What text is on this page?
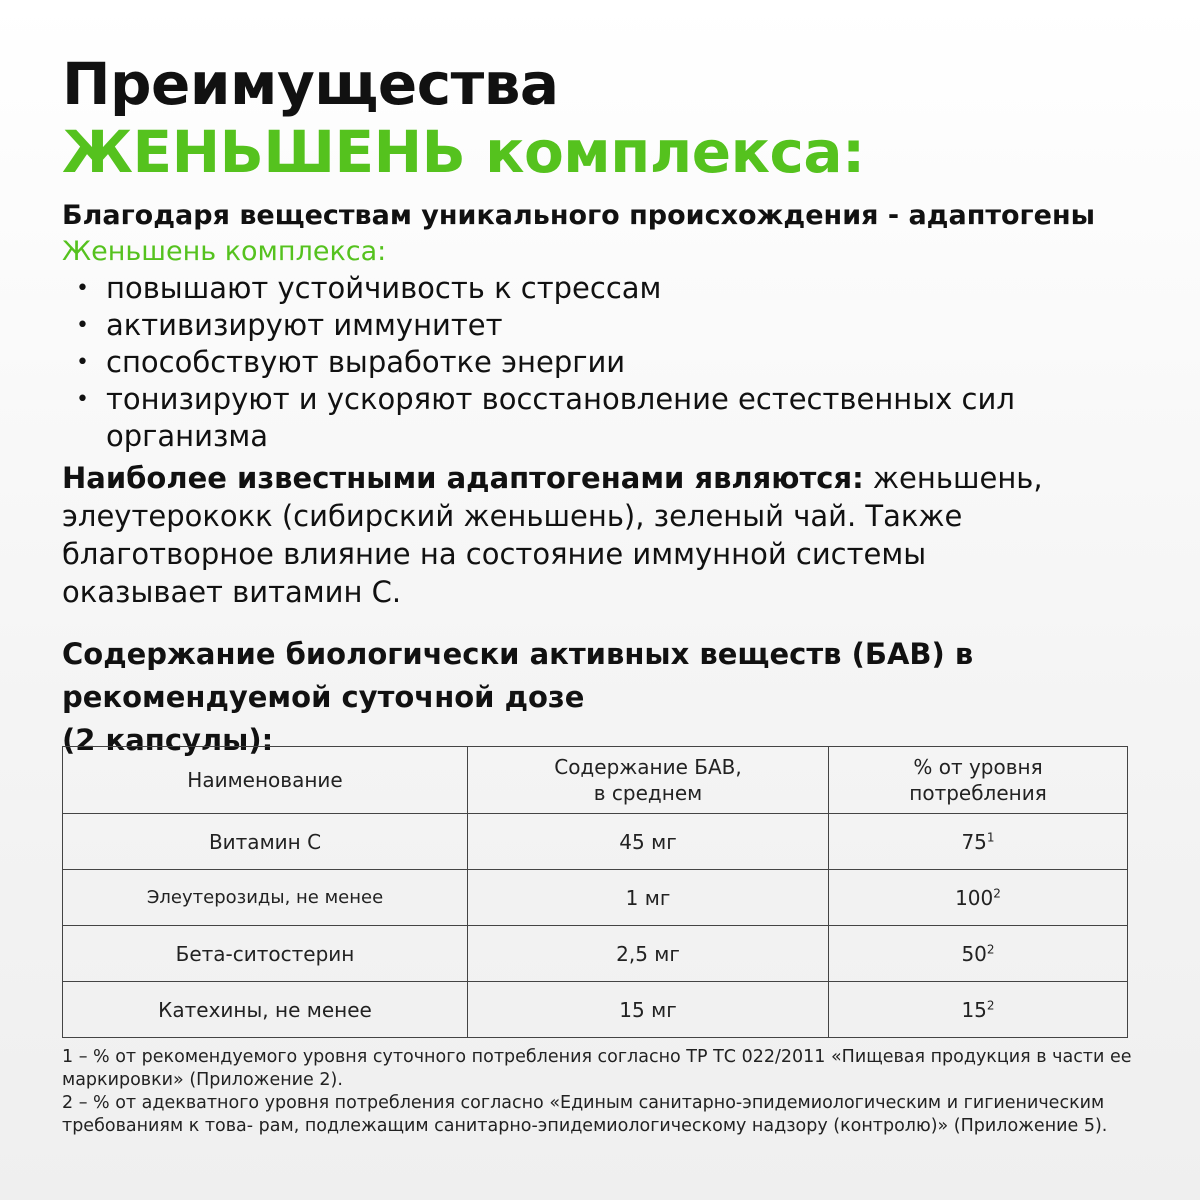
Преимущества
ЖЕНЬШЕНЬ комплекса:
Благодаря веществам уникального происхождения - адаптогены
Женьшень комплекса:
• повышают устойчивость к стрессам
• активизируют иммунитет
• способствуют выработке энергии
• тонизируют и ускоряют восстановление естественных сил организма
Наиболее известными адаптогенами являются: женьшень, элеутерококк (сибирский женьшень), зеленый чай. Также благотворное влияние на состояние иммунной системы оказывает витамин С.
Содержание биологически активных веществ (БАВ) в рекомендуемой суточной дозе
(2 капсулы):
Наименование	Содержание БАВ, в среднем	% от уровня потребления

Витамин С	45 мг	$75^1$
Элеутерозиды, не менее	1 мг	$100^2$
Бета-ситостерин	2,5 мг	$50^2$
Катехины, не менее	15 мг	$15^2$
1 – % от рекомендуемого уровня суточного потребления согласно ТР ТС 022/2011 «Пищевая продукция в части ее маркировки» (Приложение 2).
2 – % от адекватного уровня потребления согласно «Единым санитарно-эпидемиологическим и гигиеническим требованиям к това- рам, подлежащим санитарно-эпидемиологическому надзору (контролю)» (Приложение 5).
